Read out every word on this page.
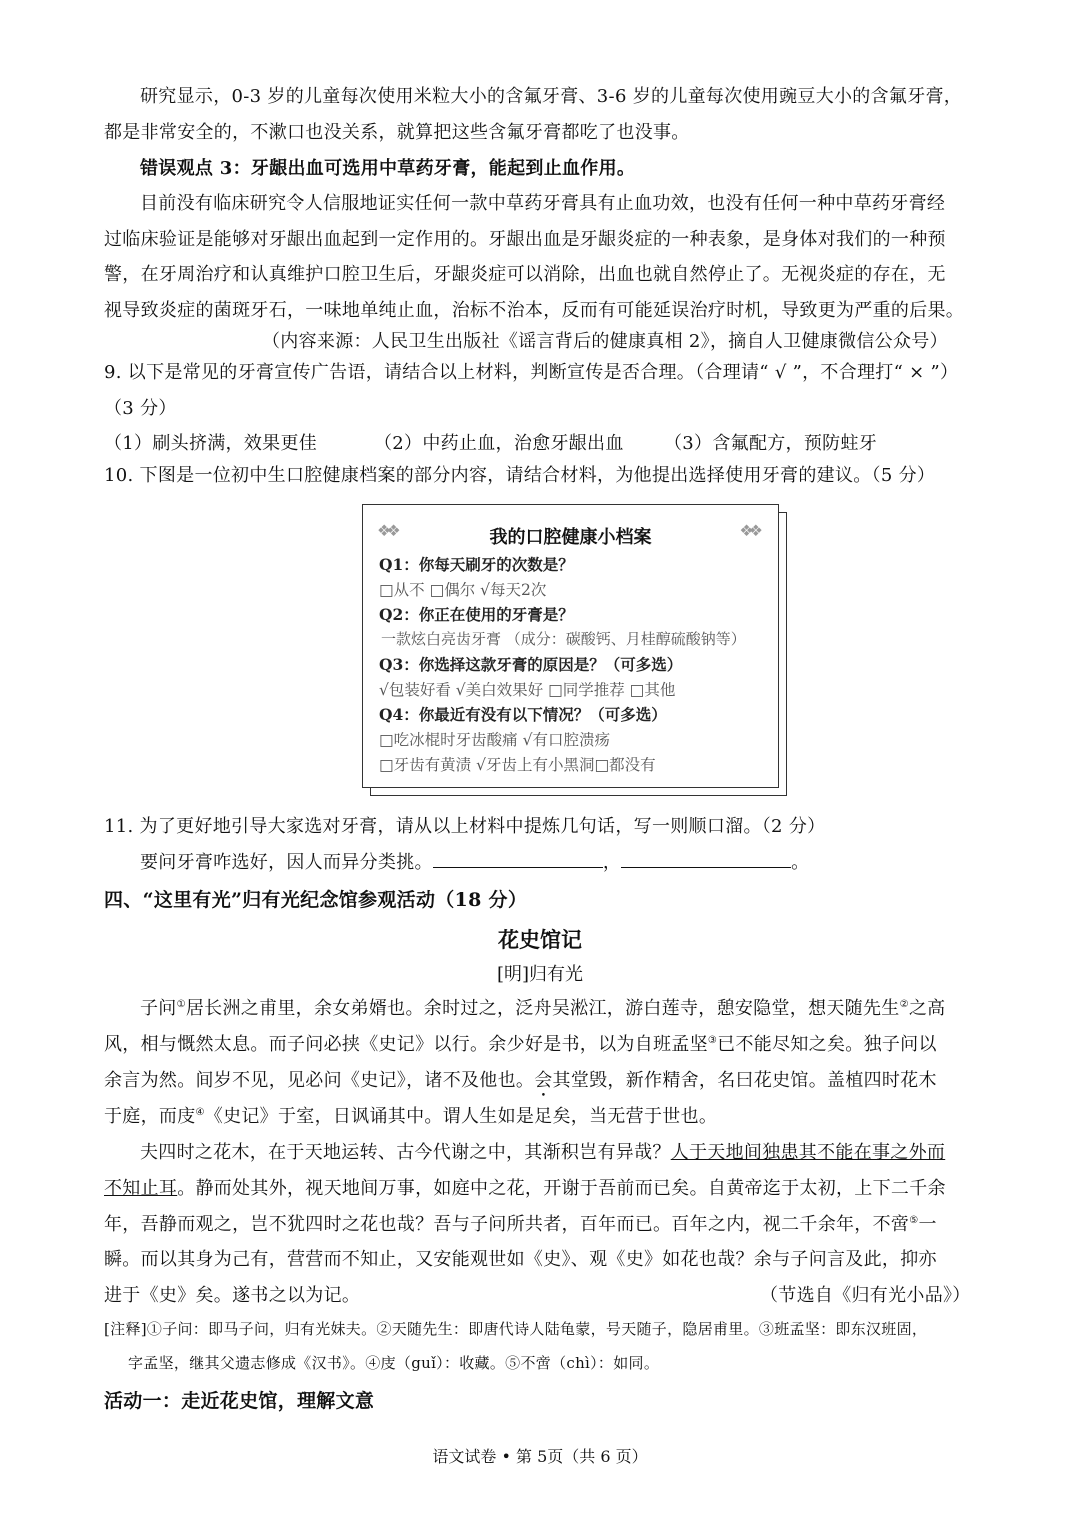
研究显示，0-3 岁的儿童每次使用米粒大小的含氟牙膏、3-6 岁的儿童每次使用豌豆大小的含氟牙膏，
都是非常安全的，不漱口也没关系，就算把这些含氟牙膏都吃了也没事。
错误观点 3：牙龈出血可选用中草药牙膏，能起到止血作用。
目前没有临床研究令人信服地证实任何一款中草药牙膏具有止血功效，也没有任何一种中草药牙膏经
过临床验证是能够对牙龈出血起到一定作用的。牙龈出血是牙龈炎症的一种表象，是身体对我们的一种预
警，在牙周治疗和认真维护口腔卫生后，牙龈炎症可以消除，出血也就自然停止了。无视炎症的存在，无
视导致炎症的菌斑牙石，一味地单纯止血，治标不治本，反而有可能延误治疗时机，导致更为严重的后果。
（内容来源：人民卫生出版社《谣言背后的健康真相 2》，摘自人卫健康微信公众号）
9. 以下是常见的牙膏宣传广告语，请结合以上材料，判断宣传是否合理。（合理请“ √ ”，不合理打“ × ”）
（3 分）
（1）刷头挤满，效果更佳	（2）中药止血，治愈牙龈出血 （3）含氟配方，预防蛀牙
10. 下图是一位初中生口腔健康档案的部分内容，请结合材料，为他提出选择使用牙膏的建议。（5 分）
❖❖	❖❖
我的口腔健康小档案
Q1：你每天刷牙的次数是？
□从不 □偶尔 √每天2次
Q2：你正在使用的牙膏是？
一款炫白亮齿牙膏 （成分：碳酸钙、月桂醇硫酸钠等）
Q3：你选择这款牙膏的原因是？（可多选）
√包装好看 √美白效果好 □同学推荐 □其他
Q4：你最近有没有以下情况？（可多选）
□吃冰棍时牙齿酸痛 √有口腔溃疡
□牙齿有黄渍 √牙齿上有小黑洞□都没有
11. 为了更好地引导大家选对牙膏，请从以上材料中提炼几句话，写一则顺口溜。（2 分）
要问牙膏咋选好，因人而异分类挑。	，	。
四、“这里有光”归有光纪念馆参观活动（18 分）
花史馆记
[明]归有光
子问①居长洲之甫里，余女弟婿也。余时过之，泛舟吴淞江，游白莲寺，憩安隐堂，想天随先生②之高
风，相与慨然太息。而子问必挟《史记》以行。余少好是书，以为自班孟坚③已不能尽知之矣。独子问以
余言为然。间岁不见，见必问《史记》，诸不及他也。会其堂毁，新作精舍，名曰花史馆。盖植四时花木
于庭，而庋④《史记》于室，日讽诵其中。谓人生如是足矣，当无营于世也。
夫四时之花木，在于天地运转、古今代谢之中，其渐积岂有异哉？人于天地间独患其不能在事之外而
不知止耳。静而处其外，视天地间万事，如庭中之花，开谢于吾前而已矣。自黄帝迄于太初，上下二千余
年，吾静而观之，岂不犹四时之花也哉？吾与子问所共者，百年而已。百年之内，视二千余年，不啻⑤一
瞬。而以其身为己有，营营而不知止，又安能观世如《史》、观《史》如花也哉？余与子问言及此，抑亦
进于《史》矣。遂书之以为记。	（节选自《归有光小品》）
[注释]①子问：即马子问，归有光妹夫。②天随先生：即唐代诗人陆龟蒙，号天随子，隐居甫里。③班孟坚：即东汉班固，
字孟坚，继其父遗志修成《汉书》。④庋（guǐ）：收藏。⑤不啻（chì）：如同。
活动一：走近花史馆，理解文意
语文试卷 • 第 5页（共 6 页）
